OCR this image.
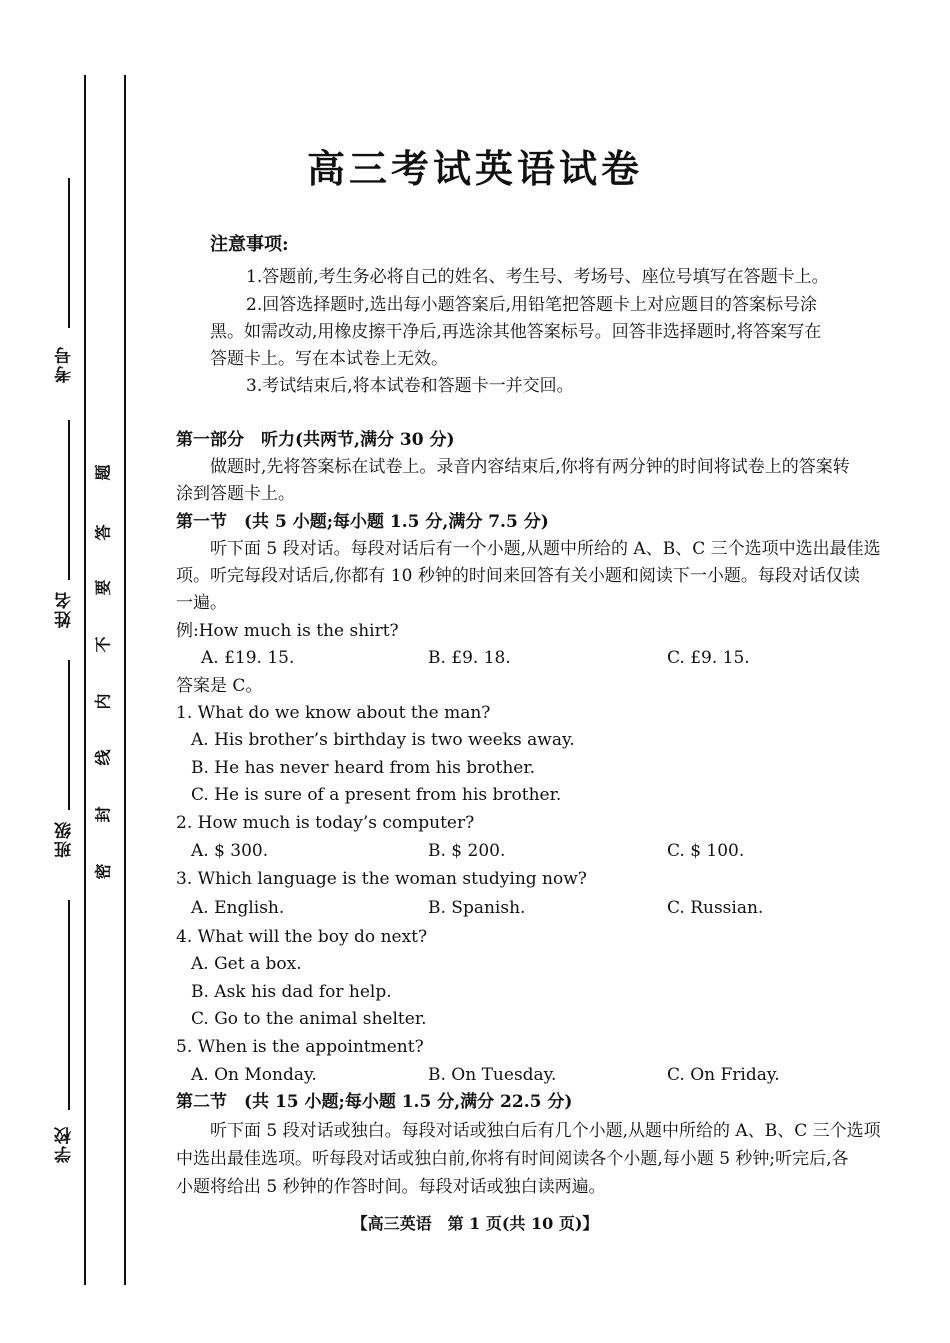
考号
姓名
班级
学校
题
答
要
不
内
线
封
密
高三考试英语试卷
注意事项:
1.答题前,考生务必将自己的姓名、考生号、考场号、座位号填写在答题卡上。
2.回答选择题时,选出每小题答案后,用铅笔把答题卡上对应题目的答案标号涂
黑。如需改动,用橡皮擦干净后,再选涂其他答案标号。回答非选择题时,将答案写在
答题卡上。写在本试卷上无效。
3.考试结束后,将本试卷和答题卡一并交回。
第一部分　听力(共两节,满分 30 分)
做题时,先将答案标在试卷上。录音内容结束后,你将有两分钟的时间将试卷上的答案转
涂到答题卡上。
第一节　(共 5 小题;每小题 1.5 分,满分 7.5 分)
听下面 5 段对话。每段对话后有一个小题,从题中所给的 A、B、C 三个选项中选出最佳选
项。听完每段对话后,你都有 10 秒钟的时间来回答有关小题和阅读下一小题。每段对话仅读
一遍。
例:How much is the shirt?
A. £19. 15.	B. £9. 18.	C. £9. 15.
答案是 C。
1. What do we know about the man?
A. His brother’s birthday is two weeks away.
B. He has never heard from his brother.
C. He is sure of a present from his brother.
2. How much is today’s computer?
A. $ 300.	B. $ 200.	C. $ 100.
3. Which language is the woman studying now?
A. English.	B. Spanish.	C. Russian.
4. What will the boy do next?
A. Get a box.
B. Ask his dad for help.
C. Go to the animal shelter.
5. When is the appointment?
A. On Monday.	B. On Tuesday.	C. On Friday.
第二节　(共 15 小题;每小题 1.5 分,满分 22.5 分)
听下面 5 段对话或独白。每段对话或独白后有几个小题,从题中所给的 A、B、C 三个选项
中选出最佳选项。听每段对话或独白前,你将有时间阅读各个小题,每小题 5 秒钟;听完后,各
小题将给出 5 秒钟的作答时间。每段对话或独白读两遍。
【高三英语　第 1 页(共 10 页)】
